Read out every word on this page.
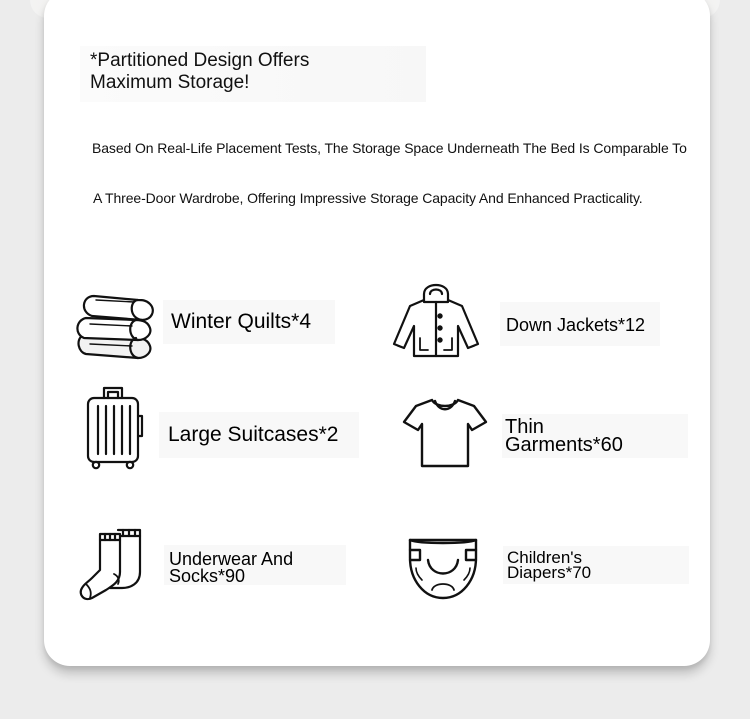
*Partitioned Design Offers
Maximum Storage!
Based On Real-Life Placement Tests, The Storage Space Underneath The Bed Is Comparable To
A Three-Door Wardrobe, Offering Impressive Storage Capacity And Enhanced Practicality.
Winter Quilts*4	Down Jackets*12
Large Suitcases*2	Thin
Garments*60
Underwear And
Socks*90
Children's
Diapers*70
